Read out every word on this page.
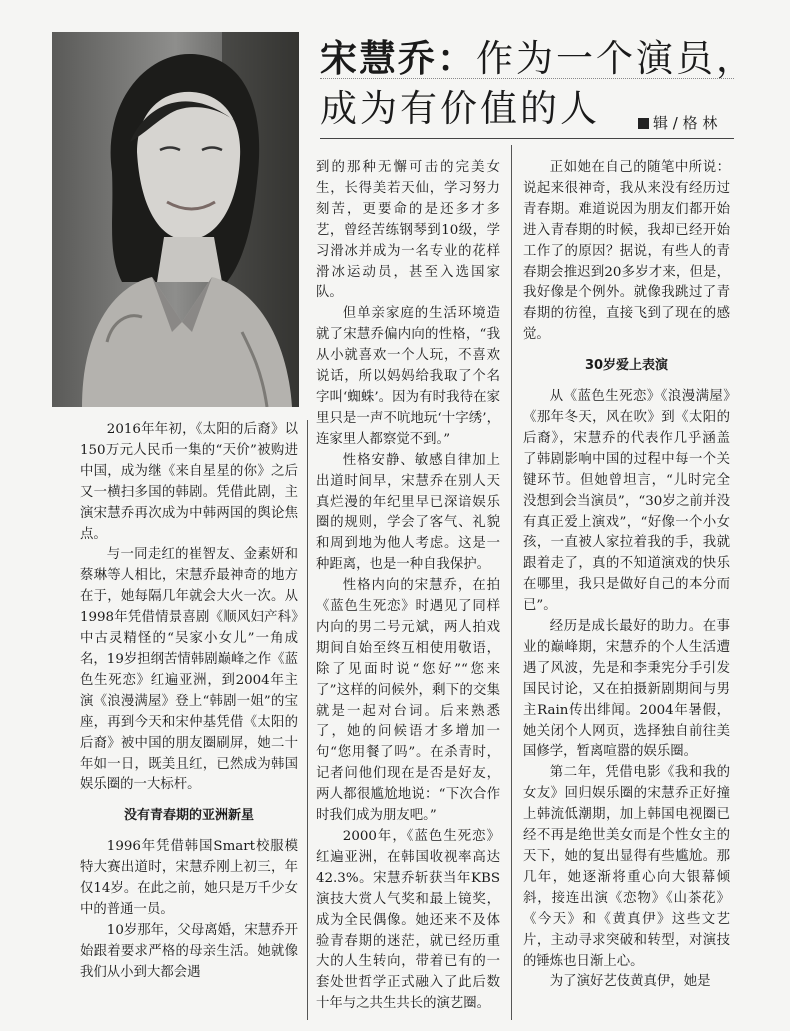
宋慧乔：作为一个演员，
成为有价值的人	辑 / 格 林

2016年年初，《太阳的后裔》以150万元人民币一集的“天价”被购进中国，成为继《来自星星的你》之后又一横扫多国的韩剧。凭借此剧，主演宋慧乔再次成为中韩两国的舆论焦点。

与一同走红的崔智友、金素妍和蔡琳等人相比，宋慧乔最神奇的地方在于，她每隔几年就会大火一次。从1998年凭借情景喜剧《顺风妇产科》中古灵精怪的“吴家小女儿”一角成名，19岁担纲苦情韩剧巅峰之作《蓝色生死恋》红遍亚洲，到2004年主演《浪漫满屋》登上“韩剧一姐”的宝座，再到今天和宋仲基凭借《太阳的后裔》被中国的朋友圈刷屏，她二十年如一日，既美且红，已然成为韩国娱乐圈的一大标杆。

没有青春期的亚洲新星

1996年凭借韩国Smart校服模特大赛出道时，宋慧乔刚上初三，年仅14岁。在此之前，她只是万千少女中的普通一员。

10岁那年，父母离婚，宋慧乔开始跟着要求严格的母亲生活。她就像我们从小到大都会遇

到的那种无懈可击的完美女生，长得美若天仙，学习努力刻苦，更要命的是还多才多艺，曾经苦练钢琴到10级，学习滑冰并成为一名专业的花样滑冰运动员，甚至入选国家队。

但单亲家庭的生活环境造就了宋慧乔偏内向的性格，“我从小就喜欢一个人玩，不喜欢说话，所以妈妈给我取了个名字叫‘蜘蛛’。因为有时我待在家里只是一声不吭地玩‘十字绣’，连家里人都察觉不到。”

性格安静、敏感自律加上出道时间早，宋慧乔在别人天真烂漫的年纪里早已深谙娱乐圈的规则，学会了客气、礼貌和周到地为他人考虑。这是一种距离，也是一种自我保护。

性格内向的宋慧乔，在拍《蓝色生死恋》时遇见了同样内向的男二号元斌，两人拍戏期间自始至终互相使用敬语，除了见面时说“您好”“您来了”这样的问候外，剩下的交集就是一起对台词。后来熟悉了，她的问候语才多增加一句“您用餐了吗”。在杀青时，记者问他们现在是否是好友，两人都很尴尬地说：“下次合作时我们成为朋友吧。”

2000年，《蓝色生死恋》红遍亚洲，在韩国收视率高达42.3%。宋慧乔斩获当年KBS演技大赏人气奖和最上镜奖，成为全民偶像。她还来不及体验青春期的迷茫，就已经历重大的人生转向，带着已有的一套处世哲学正式融入了此后数十年与之共生共长的演艺圈。

正如她在自己的随笔中所说：说起来很神奇，我从来没有经历过青春期。难道说因为朋友们都开始进入青春期的时候，我却已经开始工作了的原因？据说，有些人的青春期会推迟到20多岁才来，但是，我好像是个例外。就像我跳过了青春期的彷徨，直接飞到了现在的感觉。

30岁爱上表演

从《蓝色生死恋》《浪漫满屋》《那年冬天，风在吹》到《太阳的后裔》，宋慧乔的代表作几乎涵盖了韩剧影响中国的过程中每一个关键环节。但她曾坦言，“儿时完全没想到会当演员”，“30岁之前并没有真正爱上演戏”，“好像一个小女孩，一直被人家拉着我的手，我就跟着走了，真的不知道演戏的快乐在哪里，我只是做好自己的本分而已”。

经历是成长最好的助力。在事业的巅峰期，宋慧乔的个人生活遭遇了风波，先是和李秉宪分手引发国民讨论，又在拍摄新剧期间与男主Rain传出绯闻。2004年暑假，她关闭个人网页，选择独自前往美国修学，暂离喧嚣的娱乐圈。

第二年，凭借电影《我和我的女友》回归娱乐圈的宋慧乔正好撞上韩流低潮期，加上韩国电视圈已经不再是绝世美女而是个性女主的天下，她的复出显得有些尴尬。那几年，她逐渐将重心向大银幕倾斜，接连出演《恋物》《山茶花》《今天》和《黄真伊》这些文艺片，主动寻求突破和转型，对演技的锤炼也日渐上心。

为了演好艺伎黄真伊，她是
